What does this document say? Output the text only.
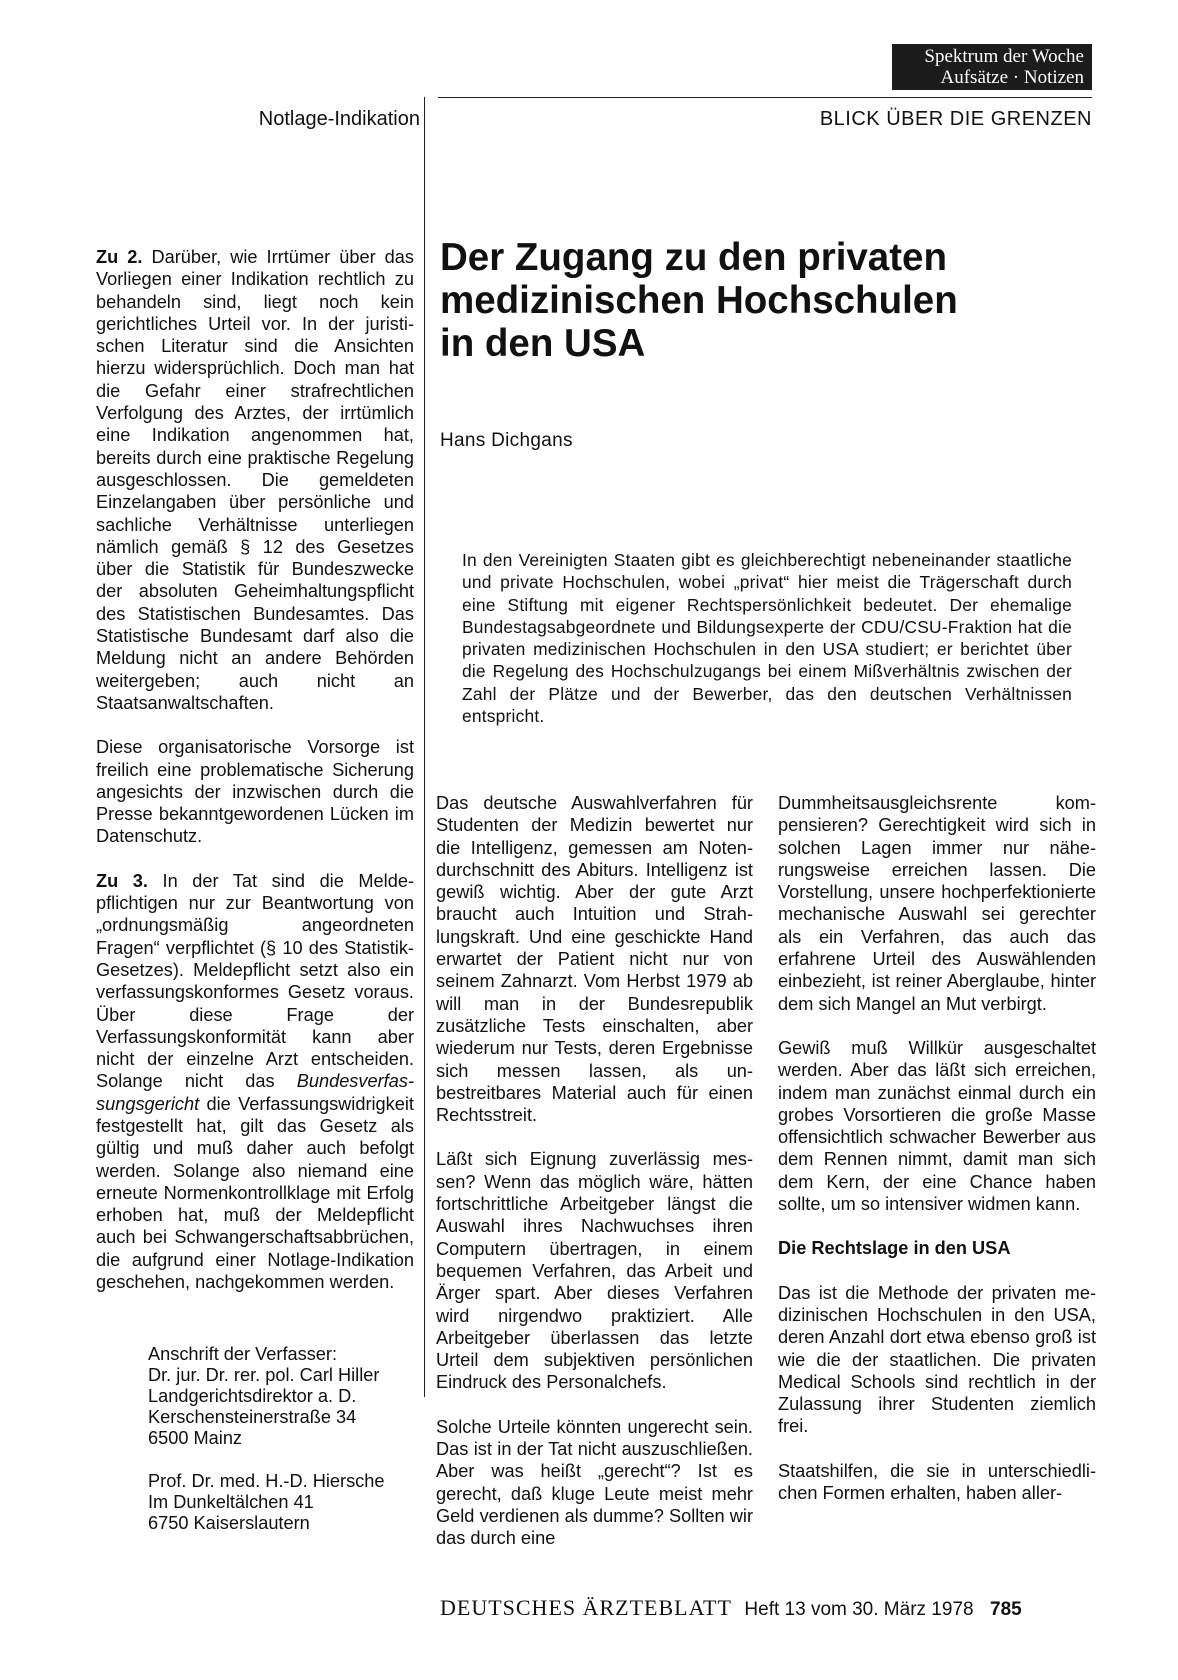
Spektrum der Woche
Aufsätze · Notizen
Notlage-Indikation	BLICK ÜBER DIE GRENZEN

Zu 2. Darüber, wie Irrtümer über das Vorliegen einer Indikation rechtlich zu behandeln sind, liegt noch kein gerichtliches Urteil vor. In der juristischen Literatur sind die Ansichten hierzu widersprüchlich. Doch man hat die Gefahr einer strafrechtlichen Verfolgung des Arztes, der irrtümlich eine Indikation angenommen hat, bereits durch eine praktische Regelung ausgeschlossen. Die gemeldeten Einzelangaben über persönliche und sachliche Verhältnisse unterliegen nämlich gemäß § 12 des Gesetzes über die Statistik für Bundeszwecke der absoluten Geheimhaltungspflicht des Statistischen Bundesamtes. Das Statistische Bundesamt darf also die Meldung nicht an andere Behörden weitergeben; auch nicht an Staatsanwaltschaften.

Diese organisatorische Vorsorge ist freilich eine problematische Sicherung angesichts der inzwischen durch die Presse bekanntgewordenen Lücken im Datenschutz.

Zu 3. In der Tat sind die Meldepflichtigen nur zur Beantwortung von „ordnungsmäßig angeordneten Fragen“ verpflichtet (§ 10 des Statistik-Gesetzes). Meldepflicht setzt also ein verfassungskonformes Gesetz voraus. Über diese Frage der Verfassungskonformität kann aber nicht der einzelne Arzt entscheiden. Solange nicht das Bundesverfassungsgericht die Verfassungswidrigkeit festgestellt hat, gilt das Gesetz als gültig und muß daher auch befolgt werden. Solange also niemand eine erneute Normenkontrollklage mit Erfolg erhoben hat, muß der Meldepflicht auch bei Schwangerschaftsabbrüchen, die aufgrund einer Notlage-Indikation geschehen, nachgekommen werden.

Anschrift der Verfasser:
Dr. jur. Dr. rer. pol. Carl Hiller
Landgerichtsdirektor a. D.
Kerschensteinerstraße 34
6500 Mainz

Prof. Dr. med. H.-D. Hiersche
Im Dunkeltälchen 41
6750 Kaiserslautern

Der Zugang zu den privaten
medizinischen Hochschulen
in den USA
Hans Dichgans
In den Vereinigten Staaten gibt es gleichberechtigt nebeneinander staatliche und private Hochschulen, wobei „privat“ hier meist die Trägerschaft durch eine Stiftung mit eigener Rechtspersönlichkeit bedeutet. Der ehemalige Bundestagsabgeordnete und Bildungsexperte der CDU/CSU-Fraktion hat die privaten medizinischen Hochschulen in den USA studiert; er berichtet über die Regelung des Hochschulzugangs bei einem Mißverhältnis zwischen der Zahl der Plätze und der Bewerber, das den deutschen Verhältnissen entspricht.

Das deutsche Auswahlverfahren für Studenten der Medizin bewertet nur die Intelligenz, gemessen am Notendurchschnitt des Abiturs. Intelligenz ist gewiß wichtig. Aber der gute Arzt braucht auch Intuition und Strahlungskraft. Und eine geschickte Hand erwartet der Patient nicht nur von seinem Zahnarzt. Vom Herbst 1979 ab will man in der Bundesrepublik zusätzliche Tests einschalten, aber wiederum nur Tests, deren Ergebnisse sich messen lassen, als unbestreitbares Material auch für einen Rechtsstreit.

Läßt sich Eignung zuverlässig messen? Wenn das möglich wäre, hätten fortschrittliche Arbeitgeber längst die Auswahl ihres Nachwuchses ihren Computern übertragen, in einem bequemen Verfahren, das Arbeit und Ärger spart. Aber dieses Verfahren wird nirgendwo praktiziert. Alle Arbeitgeber überlassen das letzte Urteil dem subjektiven persönlichen Eindruck des Personalchefs.

Solche Urteile könnten ungerecht sein. Das ist in der Tat nicht auszuschließen. Aber was heißt „gerecht“? Ist es gerecht, daß kluge Leute meist mehr Geld verdienen als dumme? Sollten wir das durch eine

Dummheitsausgleichsrente kompensieren? Gerechtigkeit wird sich in solchen Lagen immer nur näherungsweise erreichen lassen. Die Vorstellung, unsere hochperfektionierte mechanische Auswahl sei gerechter als ein Verfahren, das auch das erfahrene Urteil des Auswählenden einbezieht, ist reiner Aberglaube, hinter dem sich Mangel an Mut verbirgt.

Gewiß muß Willkür ausgeschaltet werden. Aber das läßt sich erreichen, indem man zunächst einmal durch ein grobes Vorsortieren die große Masse offensichtlich schwacher Bewerber aus dem Rennen nimmt, damit man sich dem Kern, der eine Chance haben sollte, um so intensiver widmen kann.

Die Rechtslage in den USA

Das ist die Methode der privaten medizinischen Hochschulen in den USA, deren Anzahl dort etwa ebenso groß ist wie die der staatlichen. Die privaten Medical Schools sind rechtlich in der Zulassung ihrer Studenten ziemlich frei.

Staatshilfen, die sie in unterschiedlichen Formen erhalten, haben aller-

DEUTSCHES ÄRZTEBLATT Heft 13 vom 30. März 1978 785
